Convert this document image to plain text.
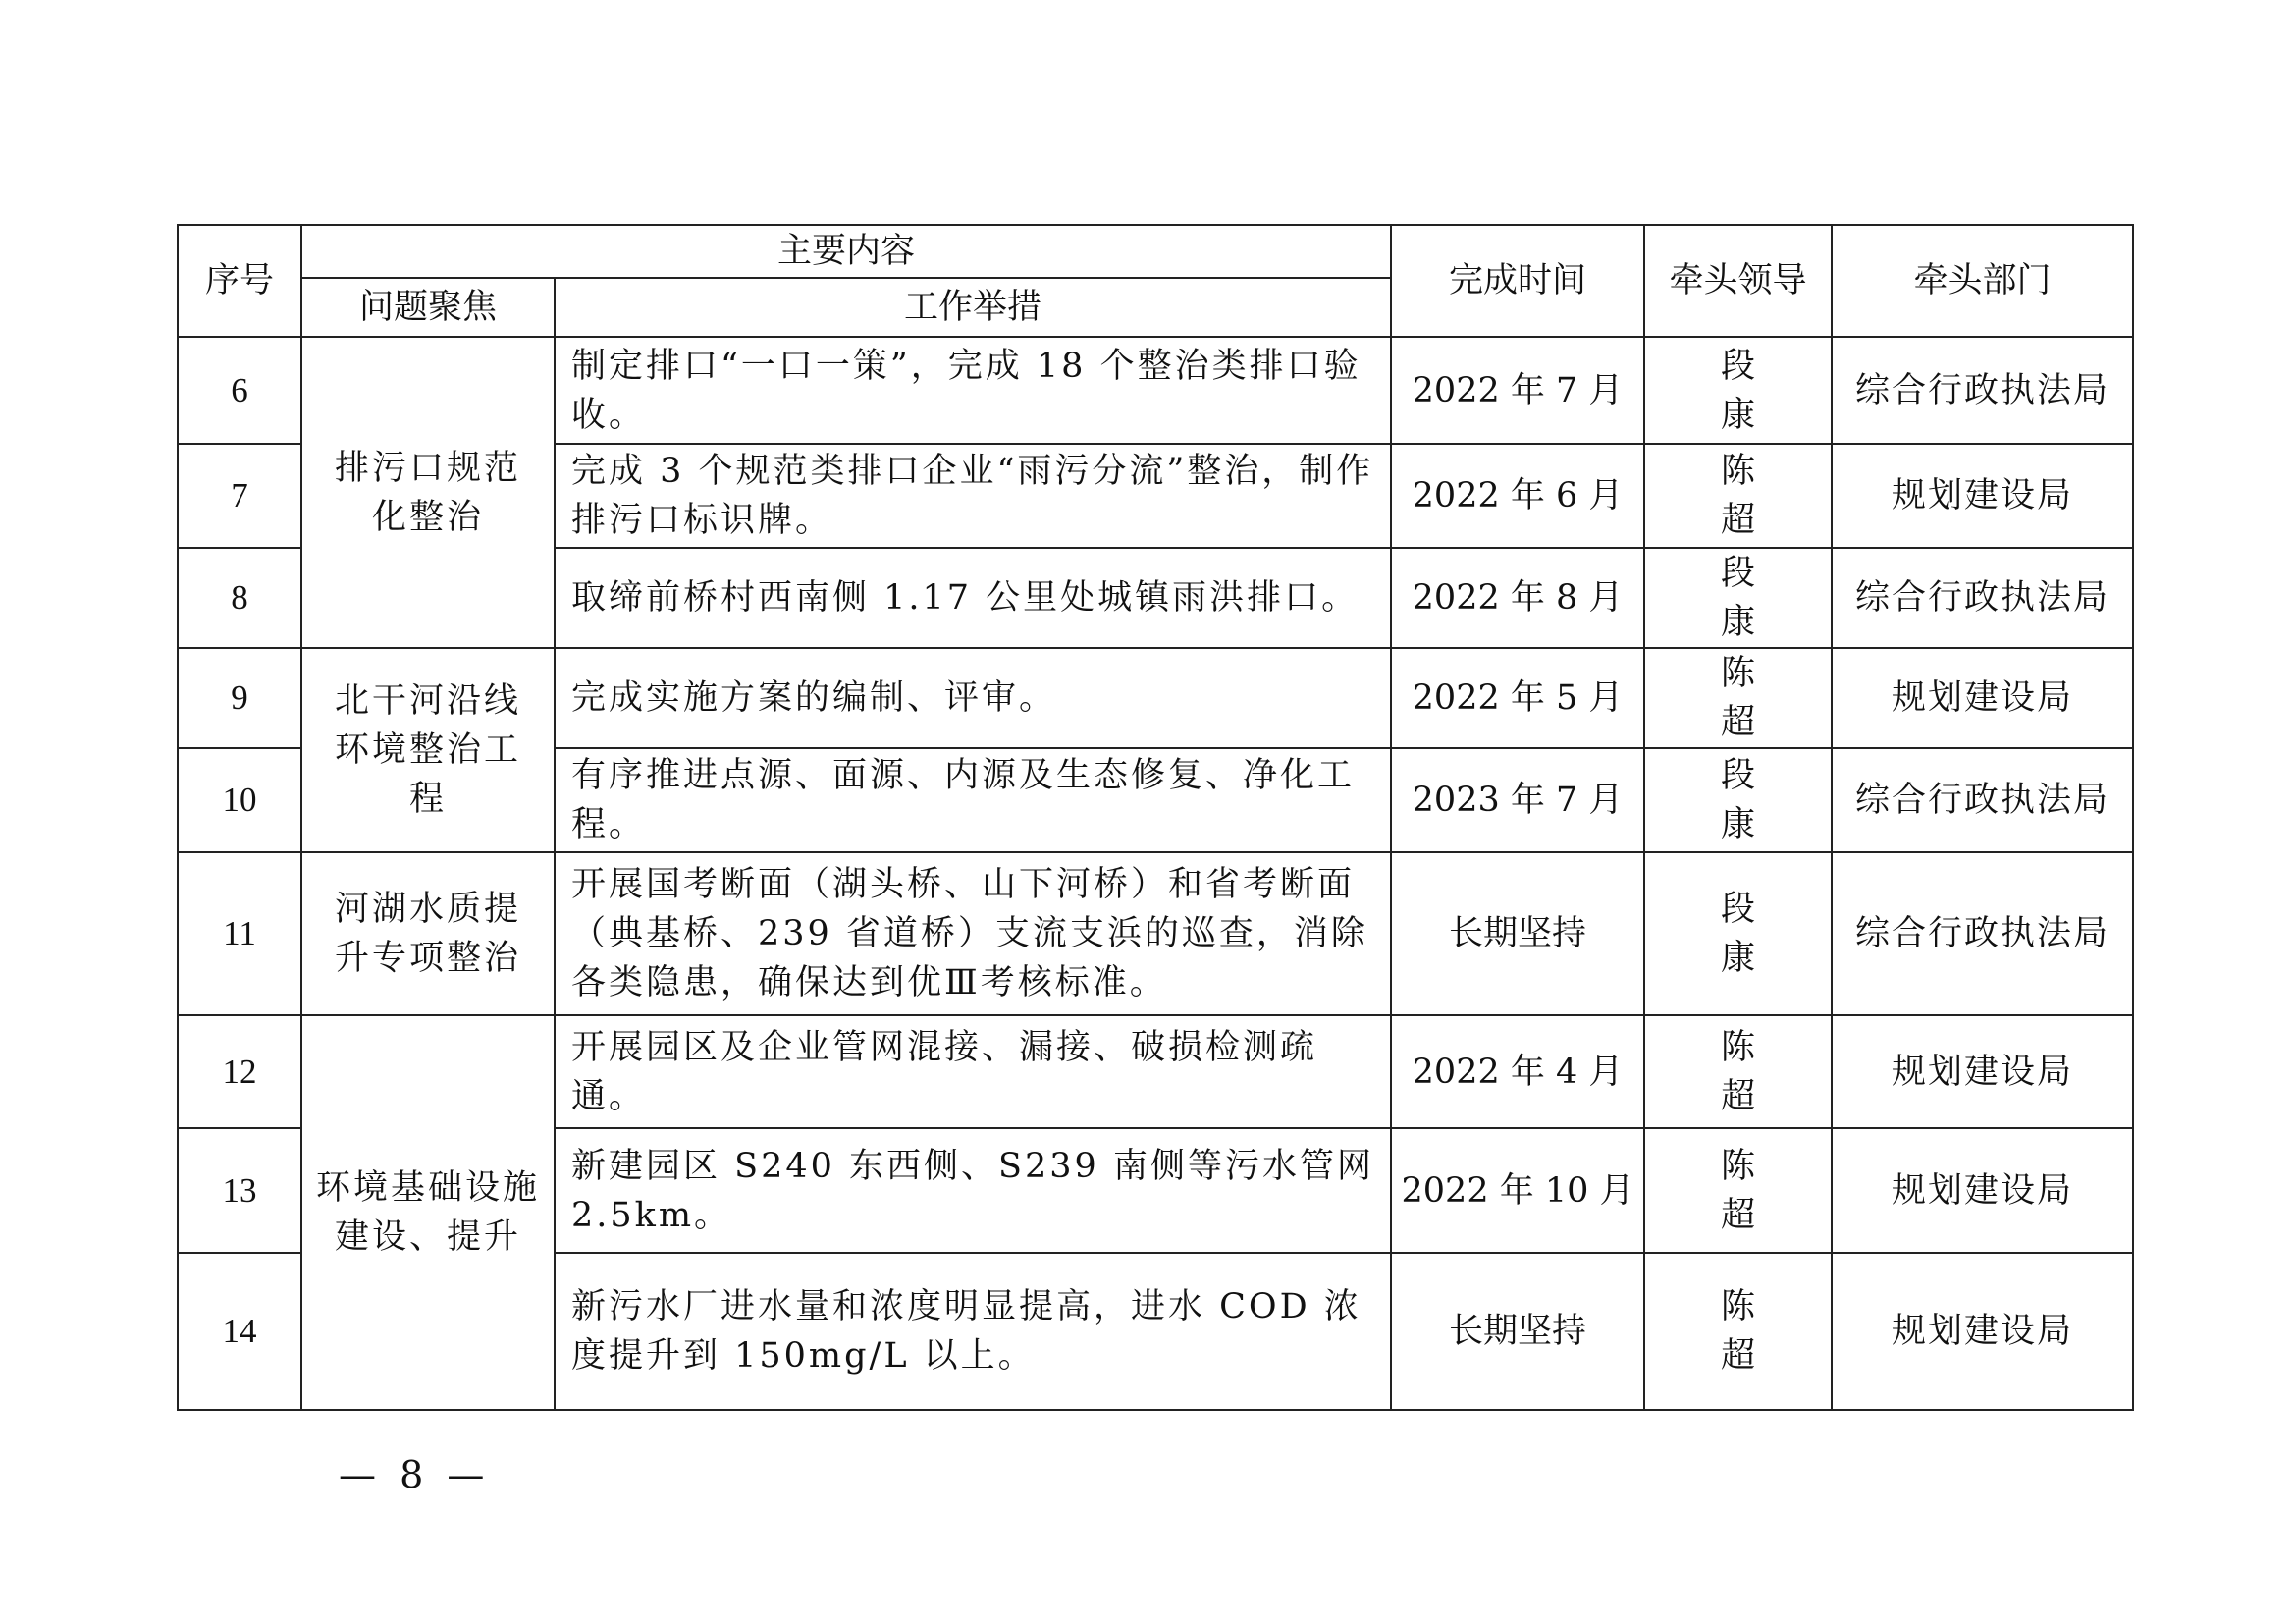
序号	主要内容		完成时间	牵头领导	牵头部门
	问题聚焦	工作举措			
6	排污口规范化整治	制定排口“一口一策”，完成 18 个整治类排口验收。	2022 年 7 月	段康	综合行政执法局
7		完成 3 个规范类排口企业“雨污分流”整治，制作排污口标识牌。	2022 年 6 月	陈超	规划建设局
8		取缔前桥村西南侧 1.17 公里处城镇雨洪排口。	2022 年 8 月	段康	综合行政执法局
9	北干河沿线环境整治工程	完成实施方案的编制、评审。	2022 年 5 月	陈超	规划建设局
10		有序推进点源、面源、内源及生态修复、净化工程。	2023 年 7 月	段康	综合行政执法局
11	河湖水质提升专项整治	开展国考断面（湖头桥、山下河桥）和省考断面（典基桥、239 省道桥）支流支浜的巡查，消除各类隐患，确保达到优Ⅲ考核标准。	长期坚持	段康	综合行政执法局
12	环境基础设施建设、提升	开展园区及企业管网混接、漏接、破损检测疏通。	2022 年 4 月	陈超	规划建设局
13		新建园区 S240 东西侧、S239 南侧等污水管网 2.5km。	2022 年 10 月	陈超	规划建设局
14		新污水厂进水量和浓度明显提高，进水 COD 浓度提升到 150mg/L 以上。	长期坚持	陈超	规划建设局
— 8 —
